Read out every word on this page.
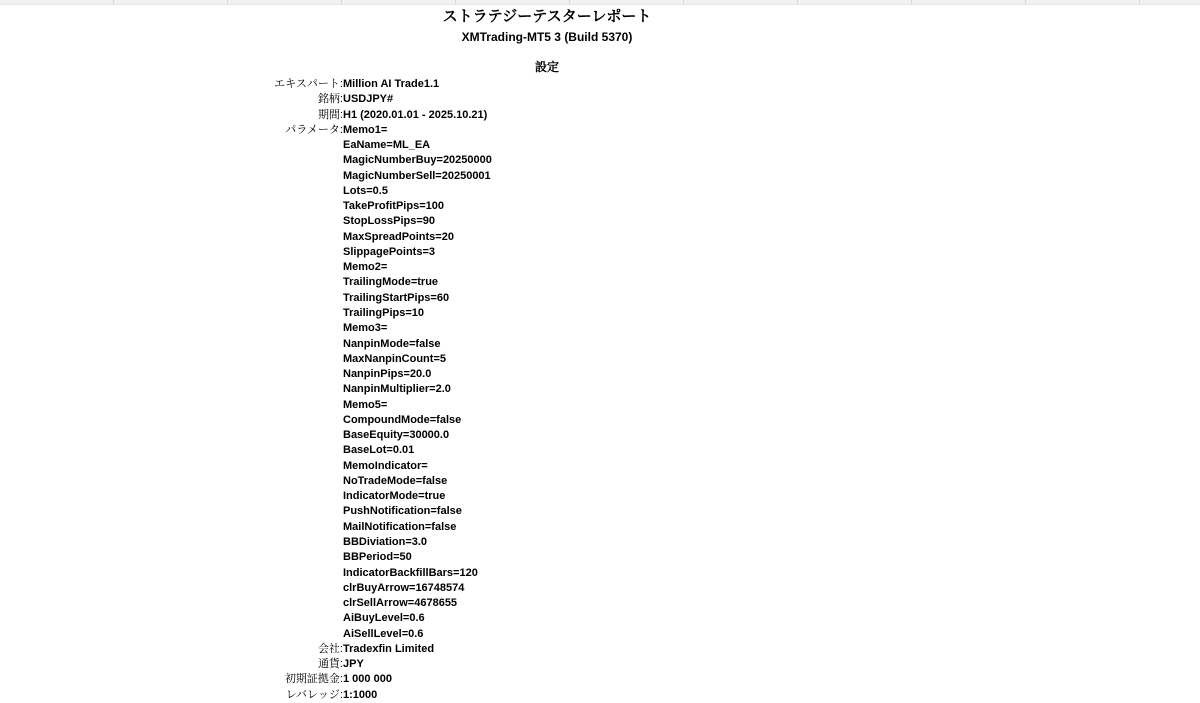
ストラテジーテスターレポート
XMTrading-MT5 3 (Build 5370)
設定
エキスパート:	Million AI Trade1.1
銘柄:	USDJPY#
期間:	H1 (2020.01.01 - 2025.10.21)
パラメータ:	Memo1=
	EaName=ML_EA
	MagicNumberBuy=20250000
	MagicNumberSell=20250001
	Lots=0.5
	TakeProfitPips=100
	StopLossPips=90
	MaxSpreadPoints=20
	SlippagePoints=3
	Memo2=
	TrailingMode=true
	TrailingStartPips=60
	TrailingPips=10
	Memo3=
	NanpinMode=false
	MaxNanpinCount=5
	NanpinPips=20.0
	NanpinMultiplier=2.0
	Memo5=
	CompoundMode=false
	BaseEquity=30000.0
	BaseLot=0.01
	MemoIndicator=
	NoTradeMode=false
	IndicatorMode=true
	PushNotification=false
	MailNotification=false
	BBDiviation=3.0
	BBPeriod=50
	IndicatorBackfillBars=120
	clrBuyArrow=16748574
	clrSellArrow=4678655
	AiBuyLevel=0.6
	AiSellLevel=0.6
会社:	Tradexfin Limited
通貨:	JPY
初期証拠金:	1 000 000
レバレッジ:	1:1000
